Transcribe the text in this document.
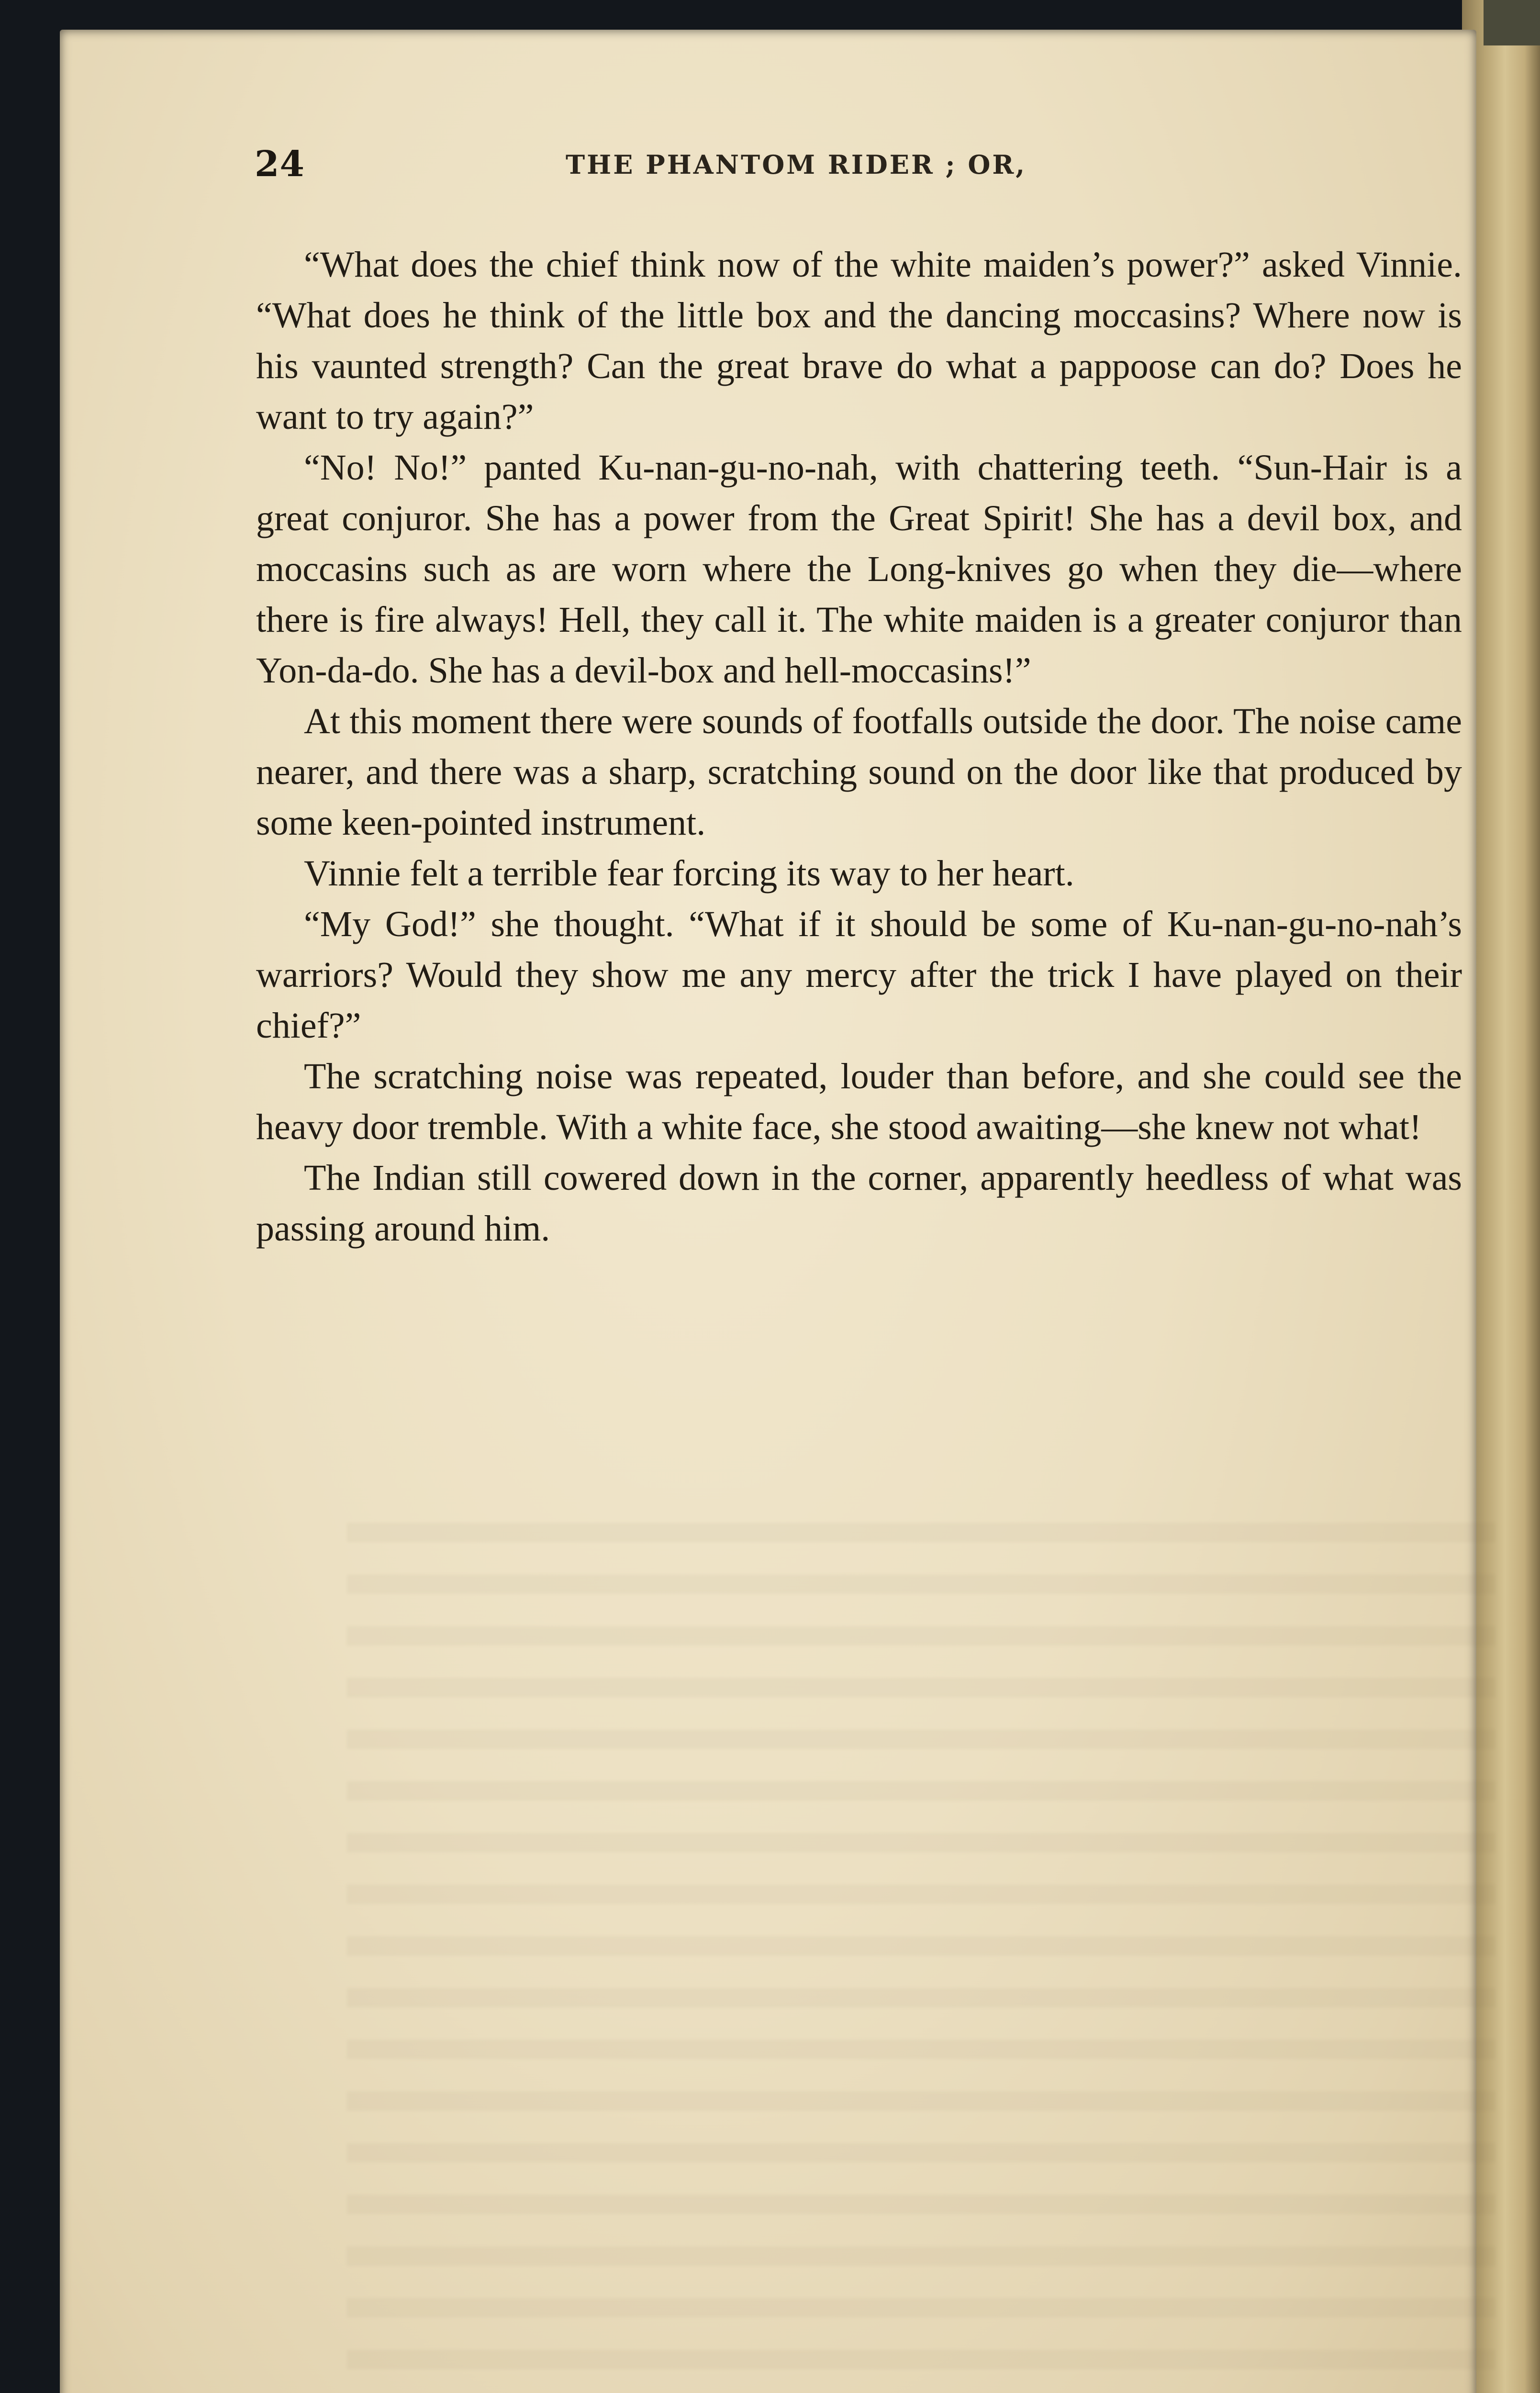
24	THE PHANTOM RIDER ; OR,

“What does the chief think now of the white maiden’s power?” asked Vinnie. “What does he think of the little box and the dancing moccasins? Where now is his vaunted strength? Can the great brave do what a pappoose can do? Does he want to try again?”

“No! No!” panted Ku-nan-gu-no-nah, with chattering teeth. “Sun-Hair is a great conjuror. She has a power from the Great Spirit! She has a devil box, and moccasins such as are worn where the Long-knives go when they die—where there is fire always! Hell, they call it. The white maiden is a greater conjuror than Yon-da-do. She has a devil-box and hell-moccasins!”

At this moment there were sounds of footfalls outside the door. The noise came nearer, and there was a sharp, scratching sound on the door like that produced by some keen-pointed instrument.

Vinnie felt a terrible fear forcing its way to her heart.

“My God!” she thought. “What if it should be some of Ku-nan-gu-no-nah’s warriors? Would they show me any mercy after the trick I have played on their chief?”

The scratching noise was repeated, louder than before, and she could see the heavy door tremble. With a white face, she stood awaiting—she knew not what!

The Indian still cowered down in the corner, apparently heedless of what was passing around him.
